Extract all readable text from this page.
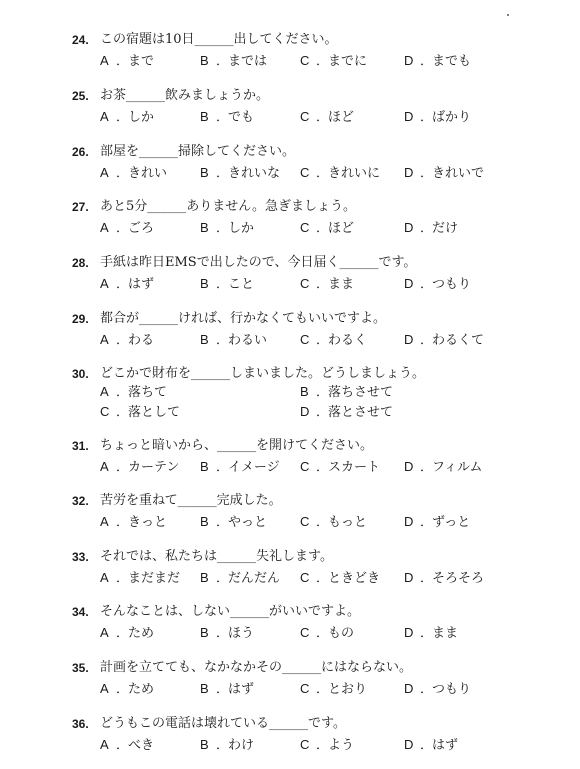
24. この宿題は10日______出してください。
A ．まで	B ．までは	C ．までに	D ．までも
25. お茶______飲みましょうか。
A ．しか	B ．でも	C ．ほど	D ．ばかり
26. 部屋を______掃除してください。
A ．きれい	B ．きれいな C ．きれいに D ．きれいで
27. あと5分______ありません。急ぎましょう。
A ．ごろ	B ．しか	C ．ほど	D ．だけ
28. 手紙は昨日EMSで出したので、今日届く______です。
A ．はず	B ．こと	C ．まま	D ．つもり
29. 都合が______ければ、行かなくてもいいですよ。
A ．わる	B ．わるい	C ．わるく	D ．わるくて
30. どこかで財布を______しまいました。どうしましょう。
A ．落ちて	B ．落ちさせて
C ．落として	D ．落とさせて
31. ちょっと暗いから、______を開けてください。
A ．カーテン B ．イメージ C ．スカート D ．フィルム
32. 苦労を重ねて______完成した。
A ．きっと	B ．やっと	C ．もっと	D ．ずっと
33. それでは、私たちは______失礼します。
A ．まだまだ B ．だんだん C ．ときどき D ．そろそろ
34. そんなことは、しない______がいいですよ。
A ．ため	B ．ほう	C ．もの	D ．まま
35. 計画を立てても、なかなかその______にはならない。
A ．ため	B ．はず	C ．とおり	D ．つもり
36. どうもこの電話は壊れている______です。
A ．べき	B ．わけ	C ．よう	D ．はず
